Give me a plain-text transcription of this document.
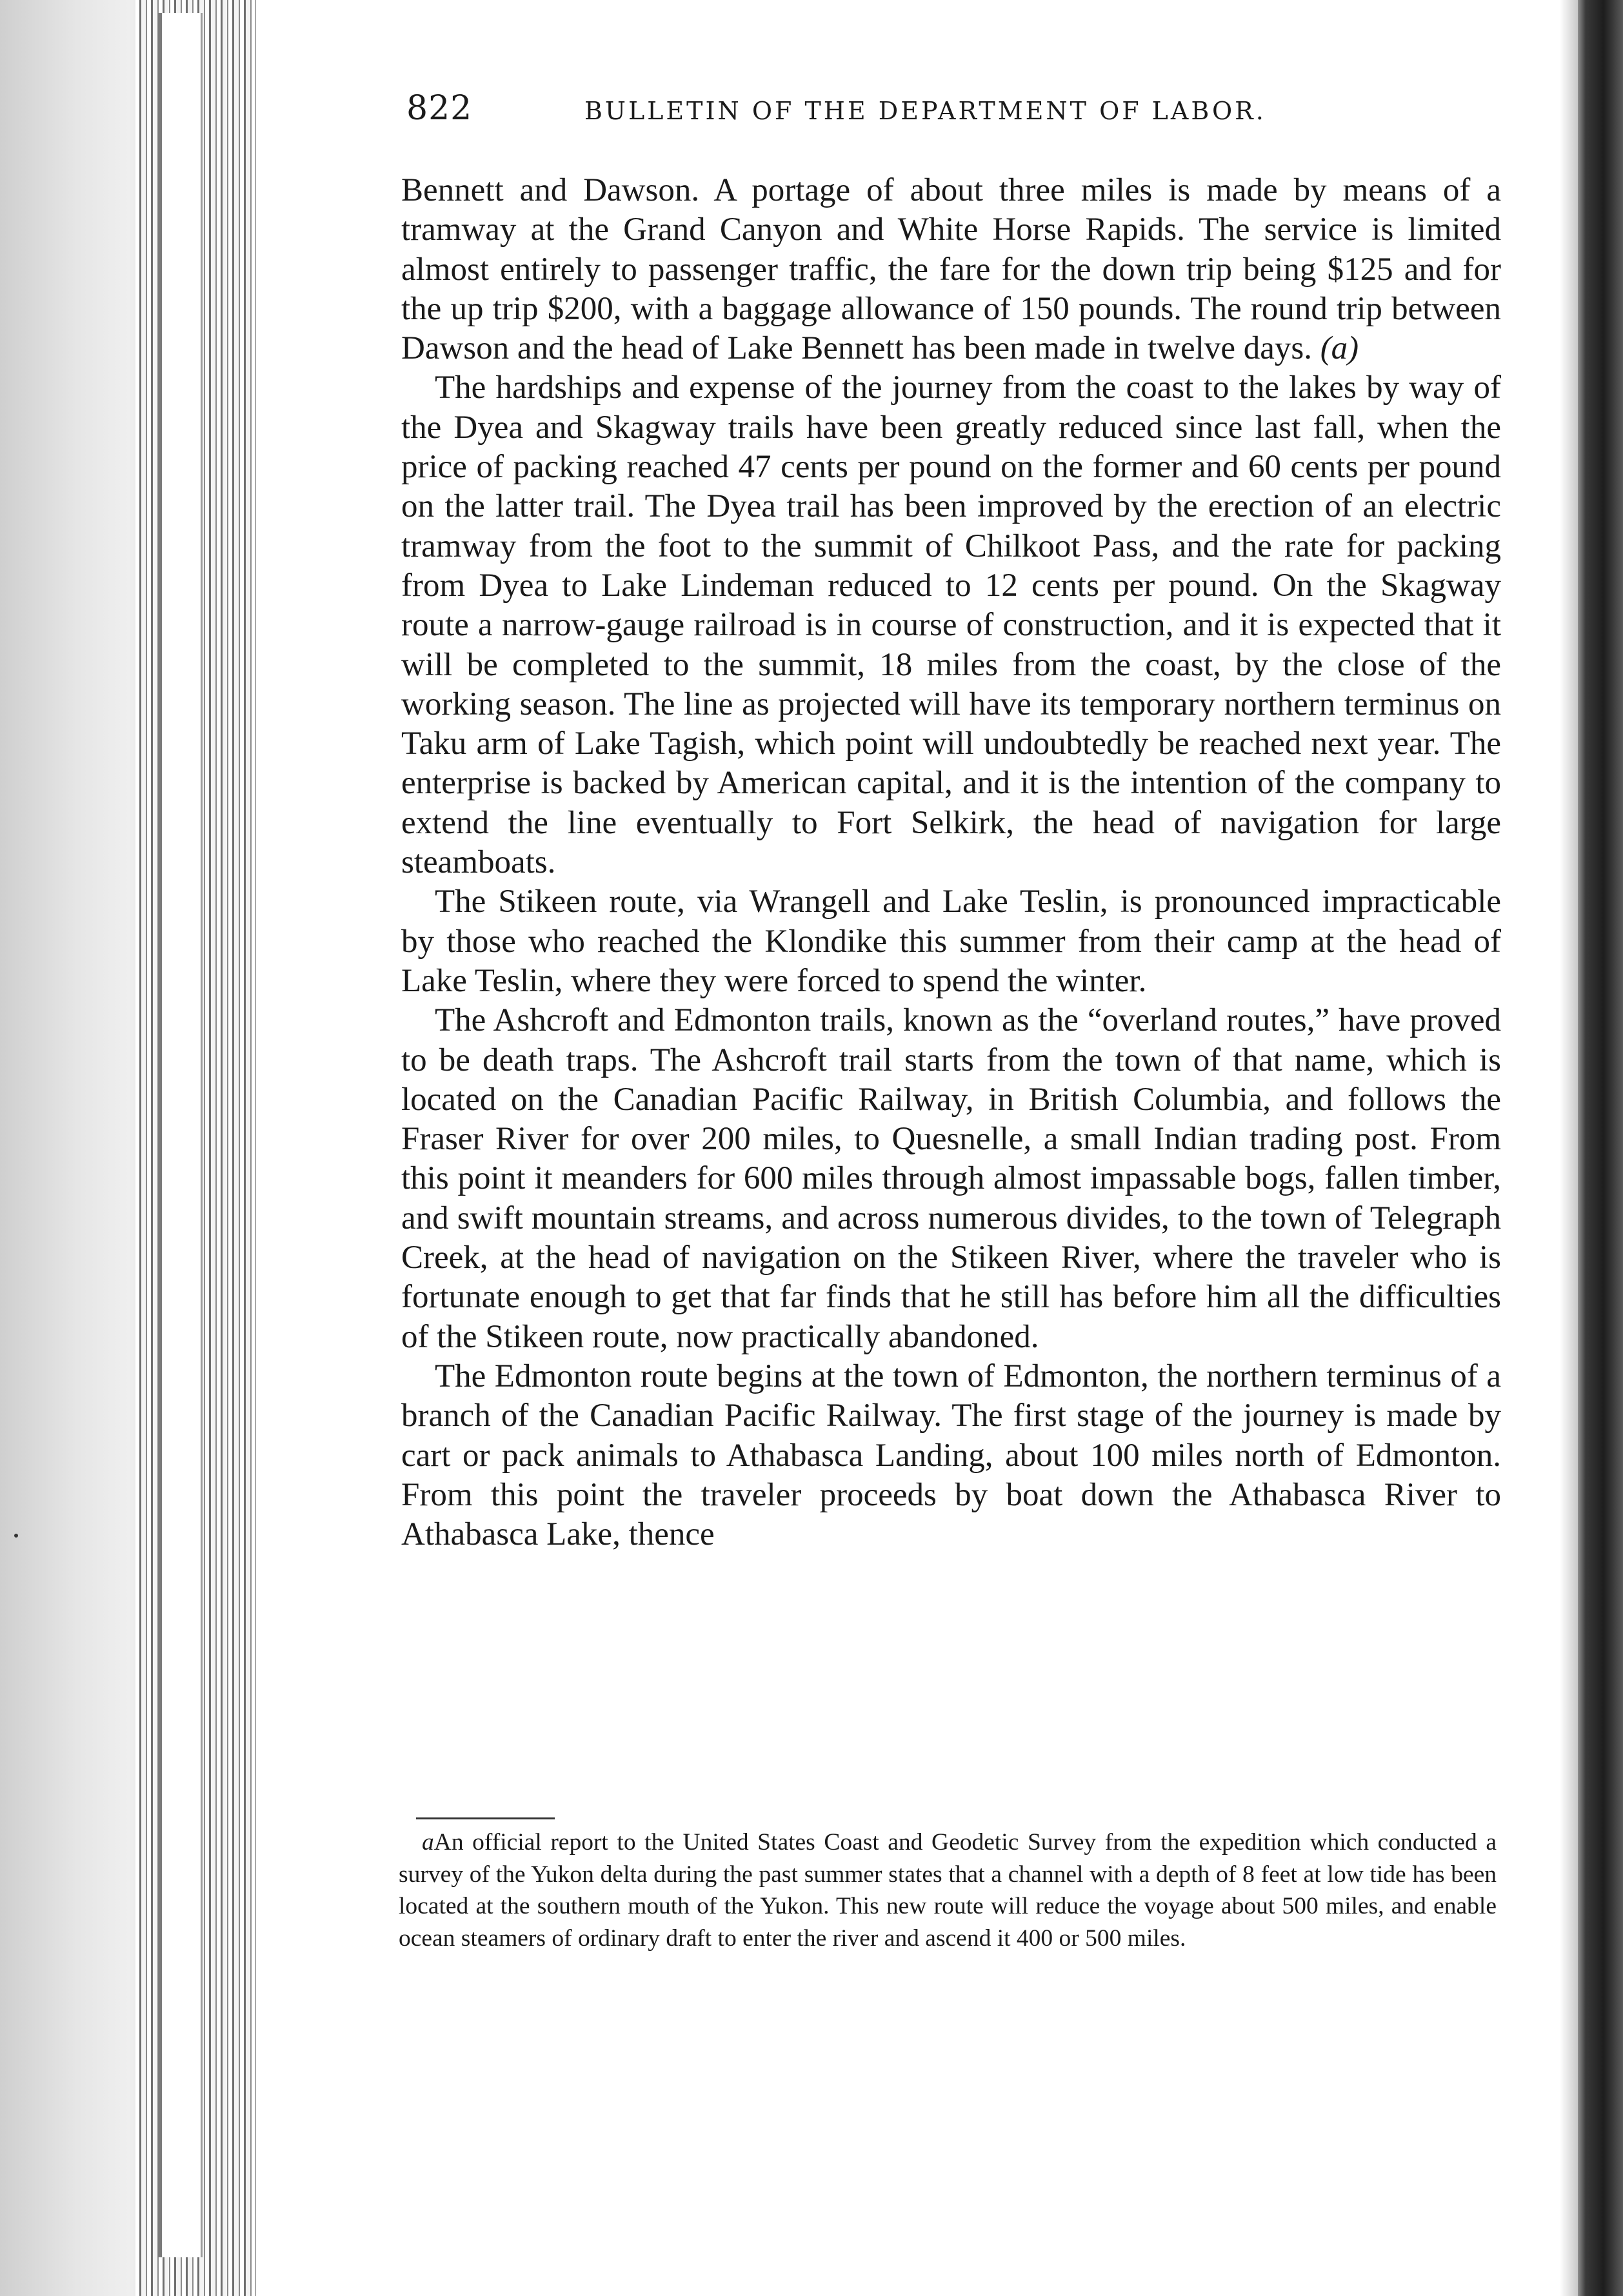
822	BULLETIN OF THE DEPARTMENT OF LABOR.

Bennett and Dawson. A portage of about three miles is made by means of a tramway at the Grand Canyon and White Horse Rapids. The service is limited almost entirely to passenger traffic, the fare for the down trip being $125 and for the up trip $200, with a baggage allowance of 150 pounds. The round trip between Dawson and the head of Lake Bennett has been made in twelve days. (a)

The hardships and expense of the journey from the coast to the lakes by way of the Dyea and Skagway trails have been greatly reduced since last fall, when the price of packing reached 47 cents per pound on the former and 60 cents per pound on the latter trail. The Dyea trail has been improved by the erection of an electric tramway from the foot to the summit of Chilkoot Pass, and the rate for packing from Dyea to Lake Lindeman reduced to 12 cents per pound. On the Skagway route a narrow-gauge railroad is in course of construction, and it is expected that it will be completed to the summit, 18 miles from the coast, by the close of the working season. The line as projected will have its temporary northern terminus on Taku arm of Lake Tagish, which point will undoubtedly be reached next year. The enterprise is backed by American capital, and it is the intention of the company to extend the line eventually to Fort Selkirk, the head of navigation for large steamboats.

The Stikeen route, via Wrangell and Lake Teslin, is pronounced impracticable by those who reached the Klondike this summer from their camp at the head of Lake Teslin, where they were forced to spend the winter.

The Ashcroft and Edmonton trails, known as the “overland routes,” have proved to be death traps. The Ashcroft trail starts from the town of that name, which is located on the Canadian Pacific Railway, in British Columbia, and follows the Fraser River for over 200 miles, to Quesnelle, a small Indian trading post. From this point it meanders for 600 miles through almost impassable bogs, fallen timber, and swift mountain streams, and across numerous divides, to the town of Telegraph Creek, at the head of navigation on the Stikeen River, where the traveler who is fortunate enough to get that far finds that he still has before him all the difficulties of the Stikeen route, now practically abandoned.

The Edmonton route begins at the town of Edmonton, the northern terminus of a branch of the Canadian Pacific Railway. The first stage of the journey is made by cart or pack animals to Athabasca Landing, about 100 miles north of Edmonton. From this point the traveler proceeds by boat down the Athabasca River to Athabasca Lake, thence

aAn official report to the United States Coast and Geodetic Survey from the expedition which conducted a survey of the Yukon delta during the past summer states that a channel with a depth of 8 feet at low tide has been located at the southern mouth of the Yukon. This new route will reduce the voyage about 500 miles, and enable ocean steamers of ordinary draft to enter the river and ascend it 400 or 500 miles.
